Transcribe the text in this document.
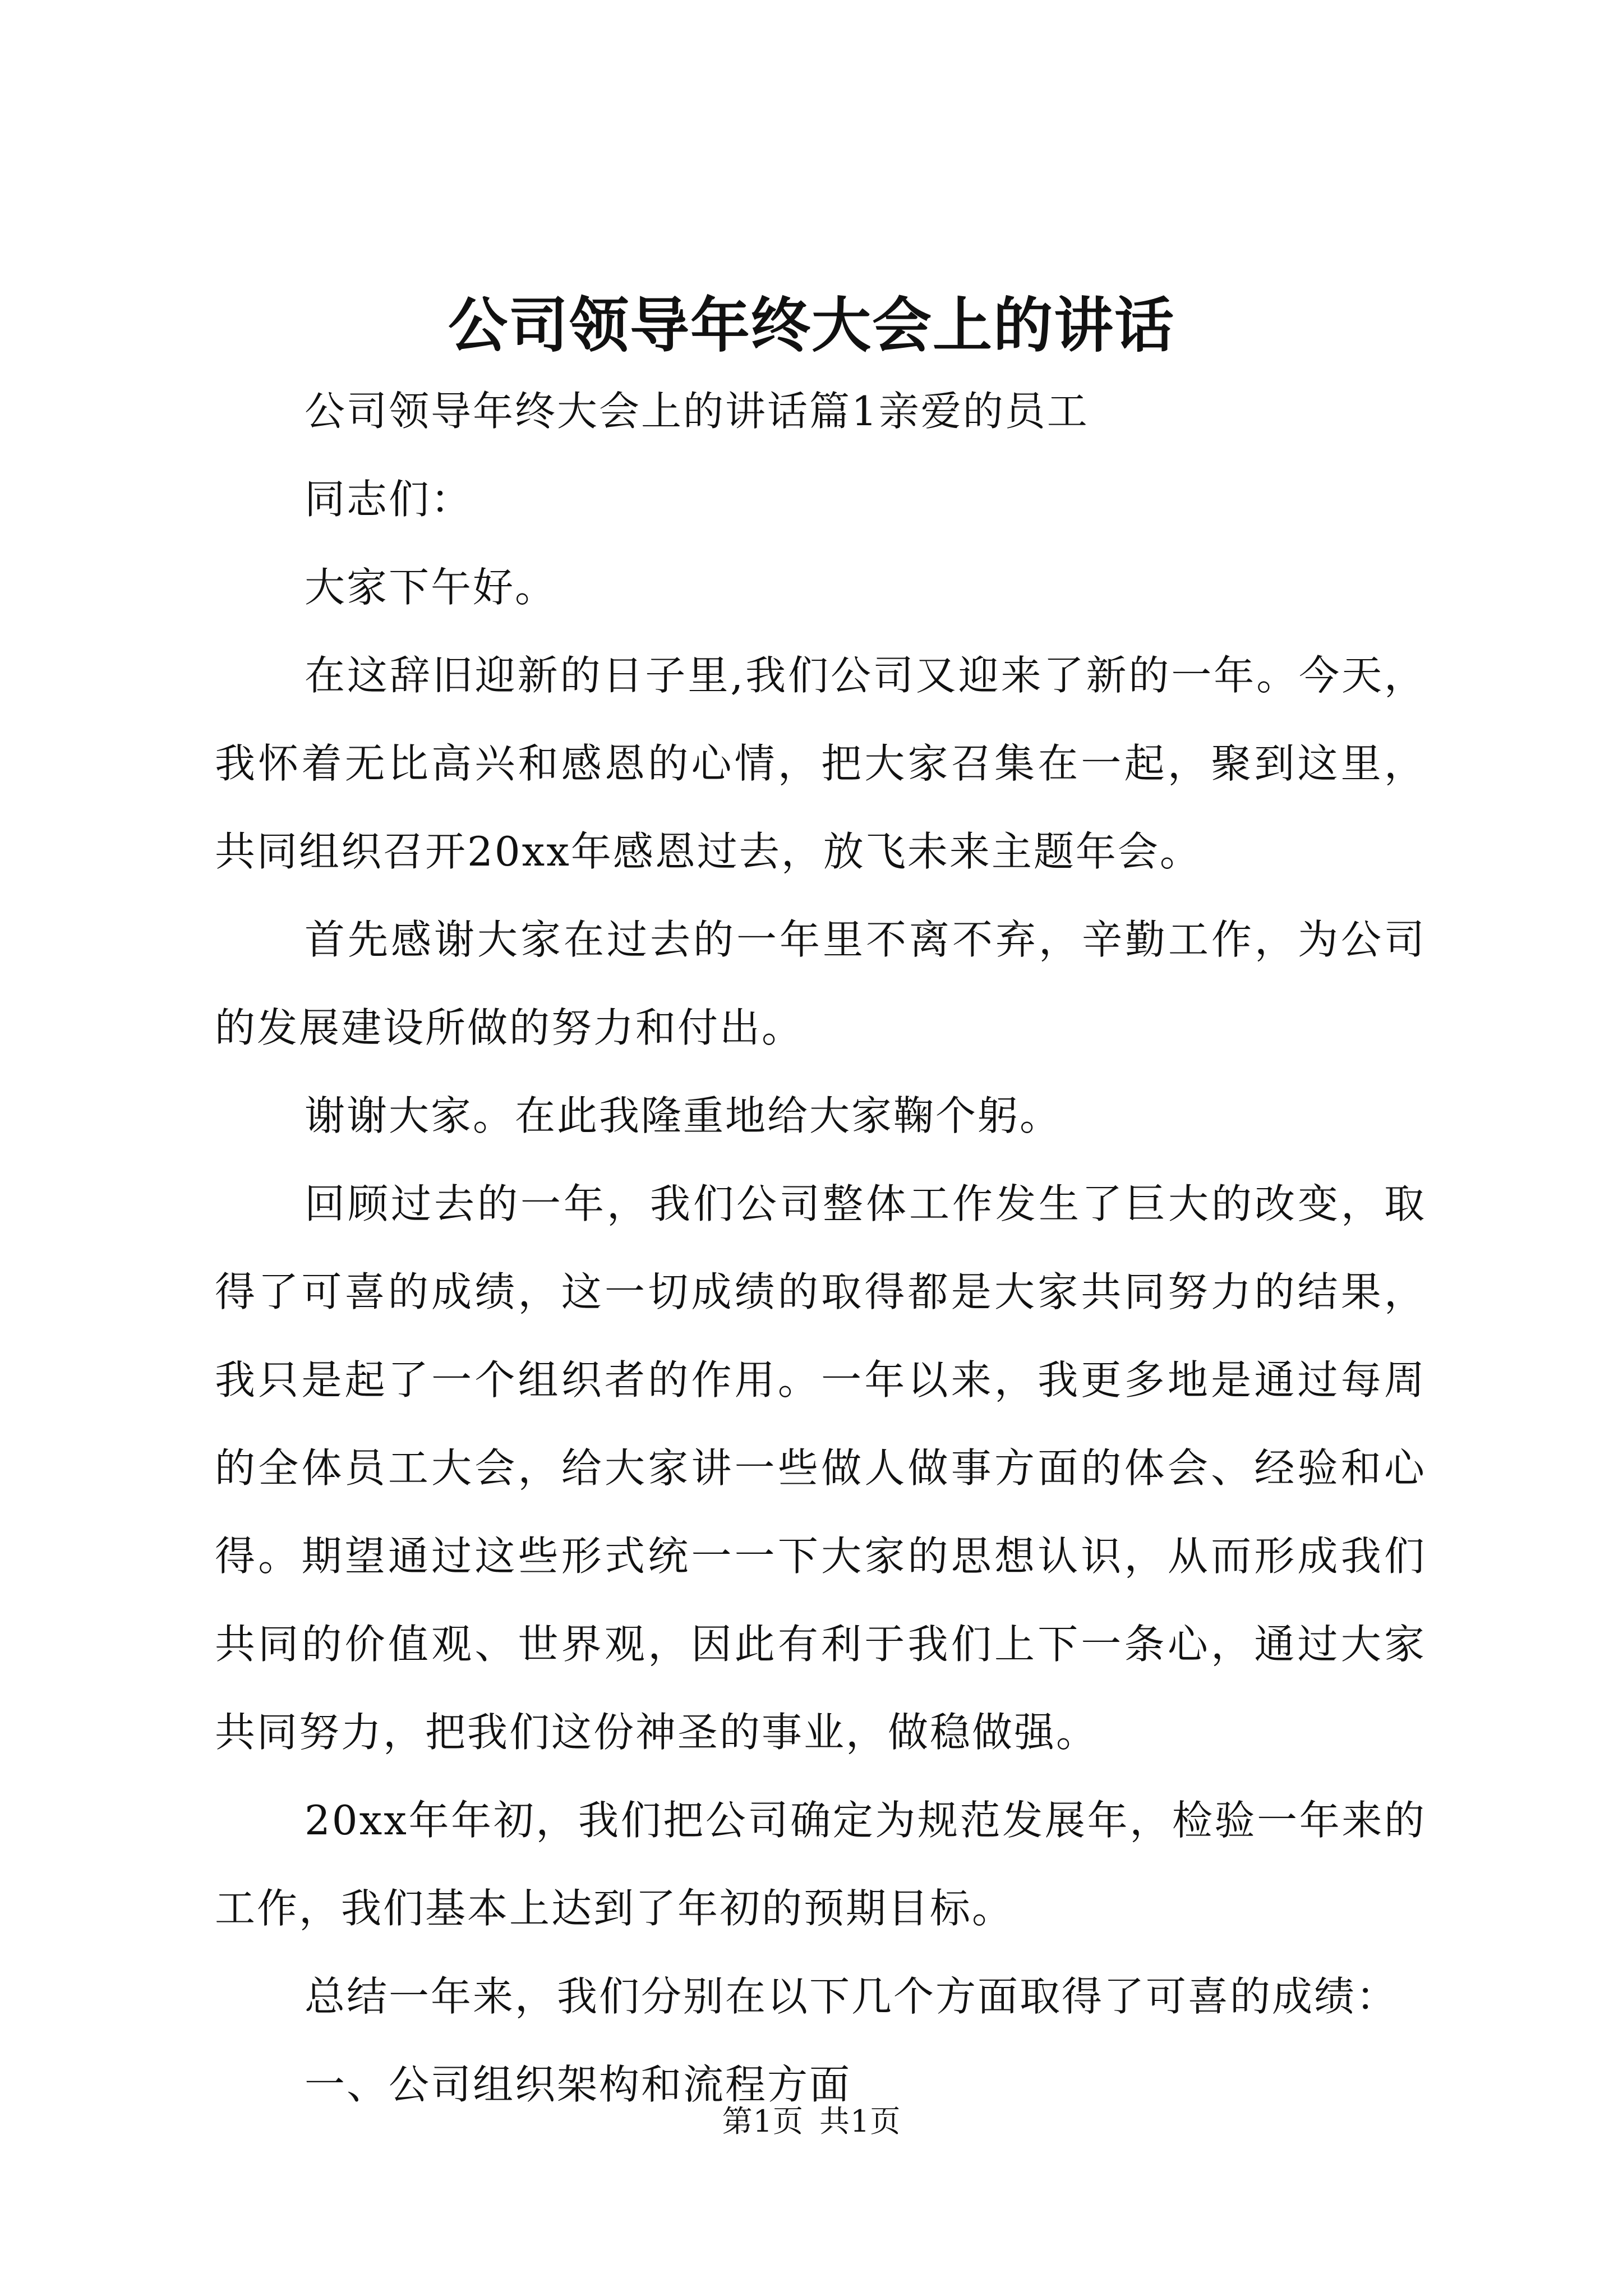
公司领导年终大会上的讲话

公司领导年终大会上的讲话篇1亲爱的员工

同志们：

大家下午好。

在这辞旧迎新的日子里,我们公司又迎来了新的一年。今天，我怀着无比高兴和感恩的心情，把大家召集在一起，聚到这里，共同组织召开20xx年感恩过去，放飞未来主题年会。

首先感谢大家在过去的一年里不离不弃，辛勤工作，为公司的发展建设所做的努力和付出。

谢谢大家。在此我隆重地给大家鞠个躬。

回顾过去的一年，我们公司整体工作发生了巨大的改变，取得了可喜的成绩，这一切成绩的取得都是大家共同努力的结果，我只是起了一个组织者的作用。一年以来，我更多地是通过每周的全体员工大会，给大家讲一些做人做事方面的体会、经验和心得。期望通过这些形式统一一下大家的思想认识，从而形成我们共同的价值观、世界观，因此有利于我们上下一条心，通过大家共同努力，把我们这份神圣的事业，做稳做强。

20xx年年初，我们把公司确定为规范发展年，检验一年来的工作，我们基本上达到了年初的预期目标。

总结一年来，我们分别在以下几个方面取得了可喜的成绩：

一、公司组织架构和流程方面

第1页 共1页
